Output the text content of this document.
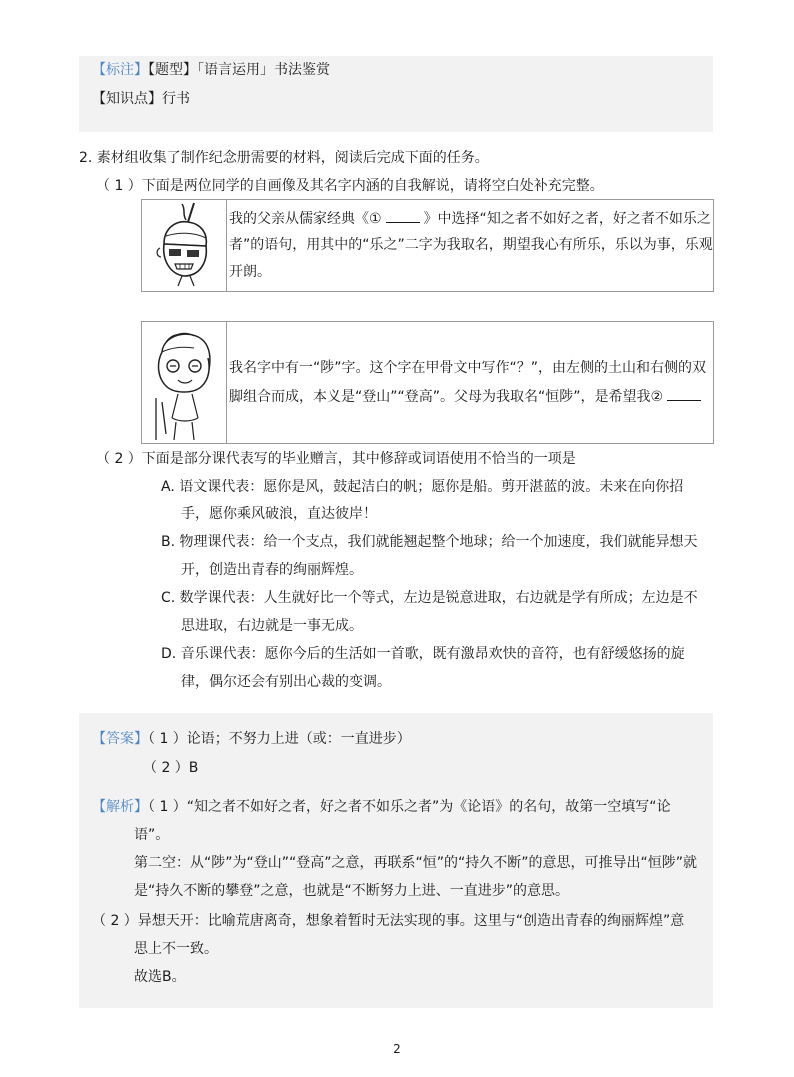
【标注】【题型】「语言运用」书法鉴赏
【知识点】行书
2. 素材组收集了制作纪念册需要的材料，阅读后完成下面的任务。
（ 1 ）下面是两位同学的自画像及其名字内涵的自我解说，请将空白处补充完整。
我的父亲从儒家经典《①	》中选择“知之者不如好之者，好之者不如乐之
者”的语句，用其中的“乐之”二字为我取名，期望我心有所乐，乐以为事，乐观
开朗。
我名字中有一“陟”字。这个字在甲骨文中写作“？”，由左侧的土山和右侧的双
脚组合而成，本义是“登山”“登高”。父母为我取名“恒陟”，是希望我②
（ 2 ）下面是部分课代表写的毕业赠言，其中修辞或词语使用不恰当的一项是
A. 语文课代表：愿你是风，鼓起洁白的帆；愿你是船。剪开湛蓝的波。未来在向你招
手，愿你乘风破浪，直达彼岸！
B. 物理课代表：给一个支点，我们就能翘起整个地球；给一个加速度，我们就能异想天
开，创造出青春的绚丽辉煌。
C. 数学课代表：人生就好比一个等式，左边是锐意进取，右边就是学有所成；左边是不
思进取，右边就是一事无成。
D. 音乐课代表：愿你今后的生活如一首歌，既有激昂欢快的音符，也有舒缓悠扬的旋
律，偶尔还会有别出心裁的变调。
【答案】（ 1 ）论语；不努力上进（或：一直进步）
（ 2 ）B
【解析】（ 1 ）“知之者不如好之者，好之者不如乐之者”为《论语》的名句，故第一空填写“论
语”。
第二空：从“陟”为“登山”“登高”之意，再联系“恒”的“持久不断”的意思，可推导出“恒陟”就
是“持久不断的攀登”之意，也就是“不断努力上进、一直进步”的意思。
（ 2 ）异想天开：比喻荒唐离奇，想象着暂时无法实现的事。这里与“创造出青春的绚丽辉煌”意
思上不一致。
故选B。
2
